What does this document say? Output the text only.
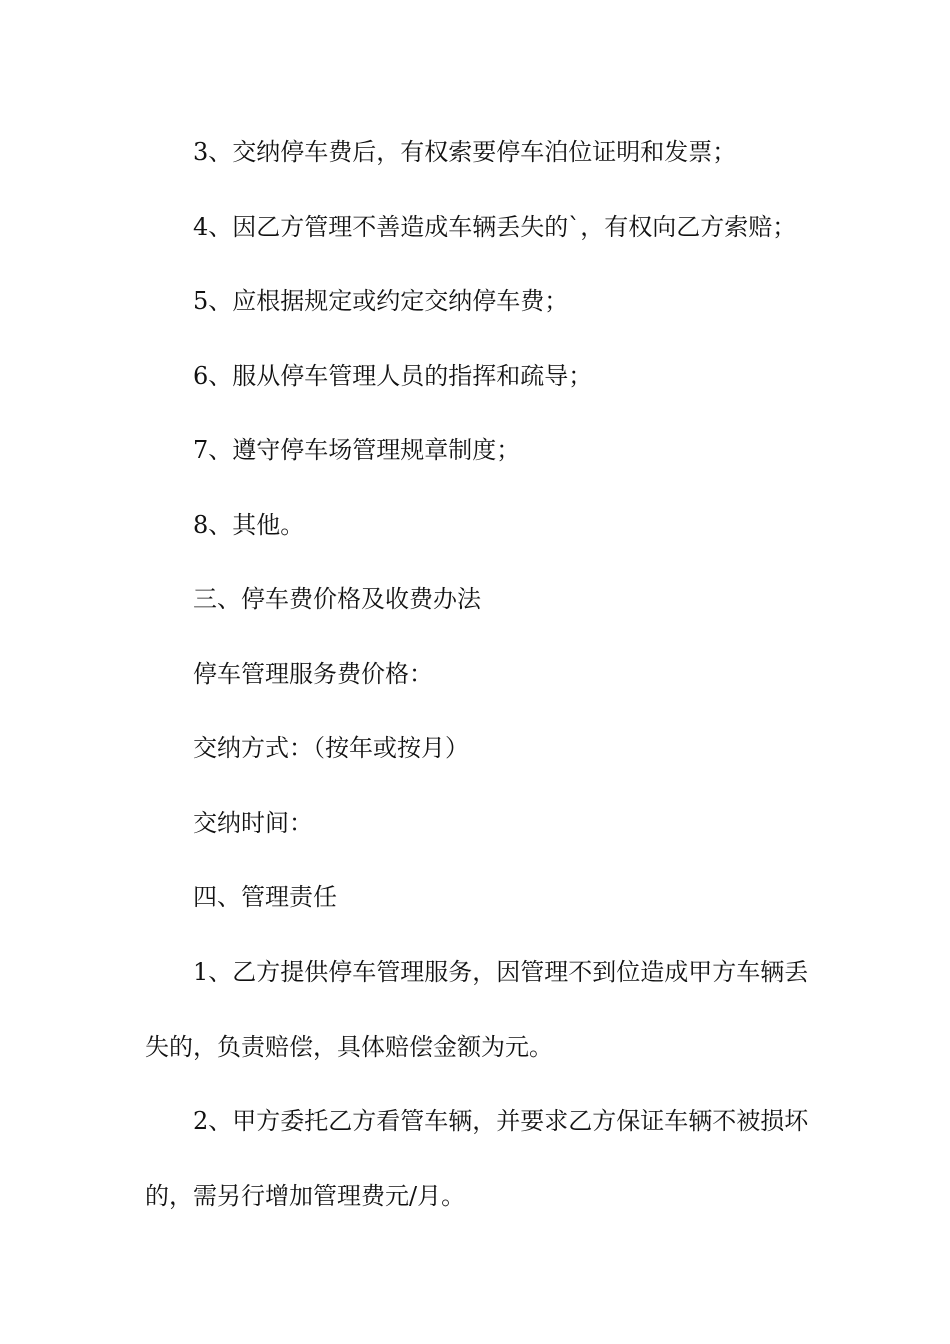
3、交纳停车费后，有权索要停车泊位证明和发票；

4、因乙方管理不善造成车辆丢失的`，有权向乙方索赔；

5、应根据规定或约定交纳停车费；

6、服从停车管理人员的指挥和疏导；

7、遵守停车场管理规章制度；

8、其他。

三、停车费价格及收费办法

停车管理服务费价格：

交纳方式：（按年或按月）

交纳时间：

四、管理责任

1、乙方提供停车管理服务，因管理不到位造成甲方车辆丢失的，负责赔偿，具体赔偿金额为元。

2、甲方委托乙方看管车辆，并要求乙方保证车辆不被损坏的，需另行增加管理费元/月。
